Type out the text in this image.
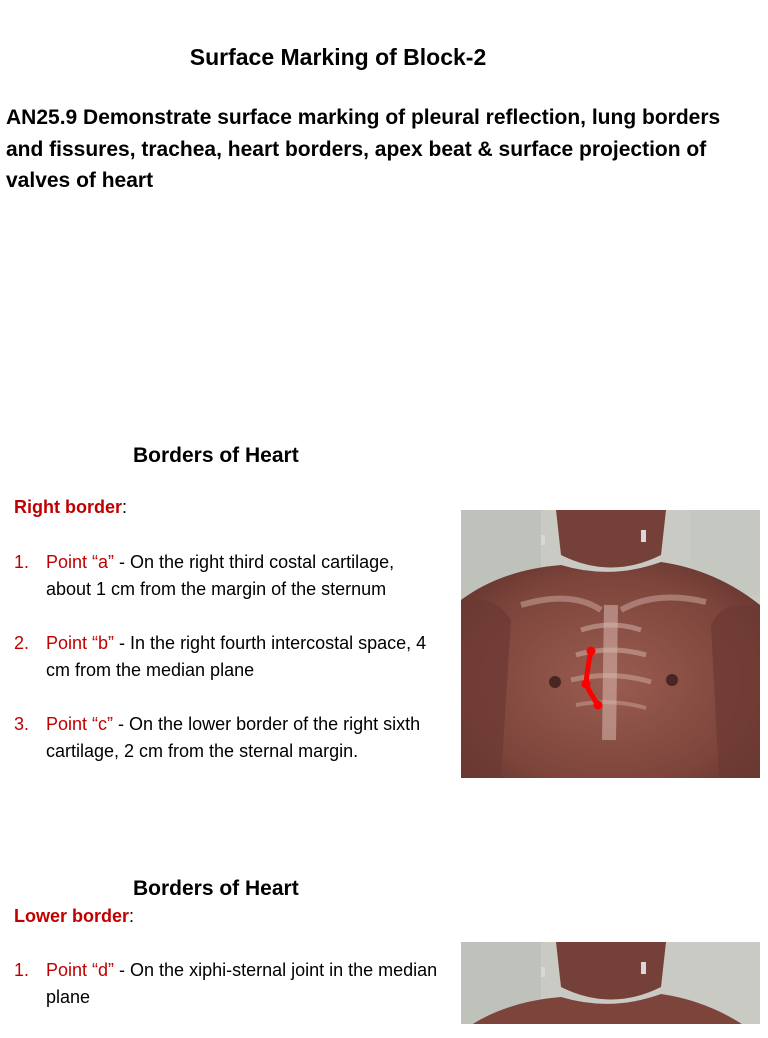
Surface Marking of Block-2
AN25.9 Demonstrate surface marking of pleural reflection, lung borders and fissures, trachea, heart borders, apex beat & surface projection of valves of heart
Borders of Heart
Right border:
1. Point “a” - On the right third costal cartilage, about 1 cm from the margin of the sternum
2. Point “b” - In the right fourth intercostal space, 4 cm from the median plane
3. Point “c” - On the lower border of the right sixth cartilage, 2 cm from the sternal margin.
Borders of Heart
Lower border:
1. Point “d” - On the xiphi-sternal joint in the median plane
